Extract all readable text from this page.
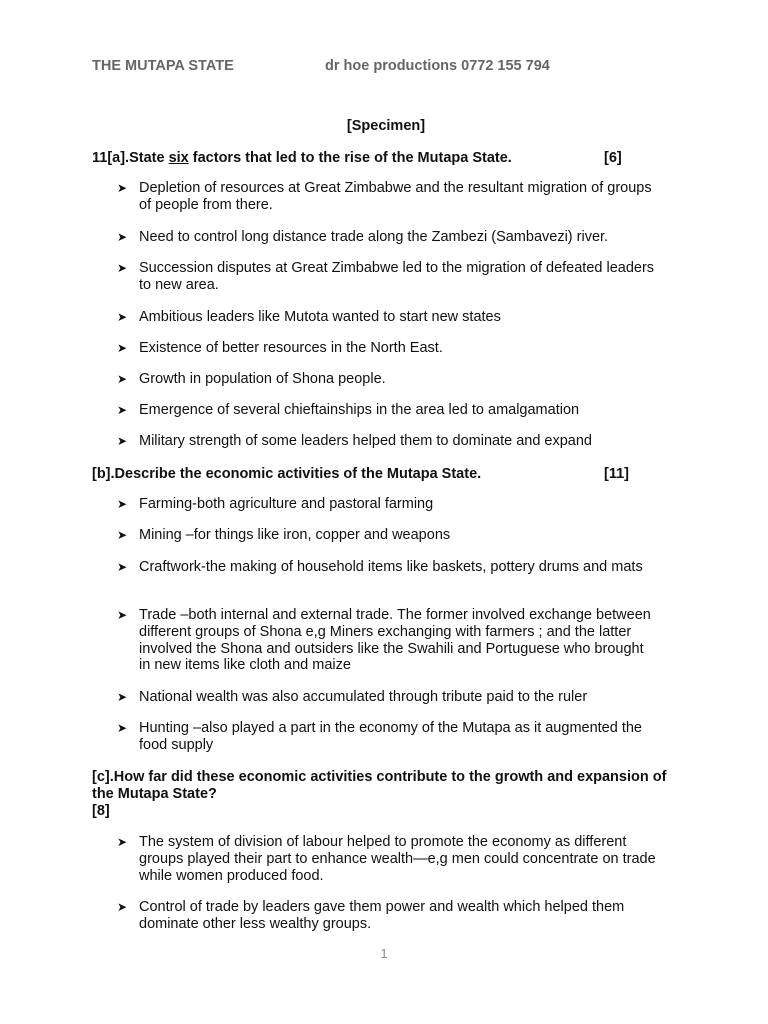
THE MUTAPA STATE	dr hoe productions 0772 155 794
[Specimen]
11[a].State six factors that led to the rise of the Mutapa State.	[6]
➤ Depletion of resources at Great Zimbabwe and the resultant migration of groups of people from there.
➤ Need to control long distance trade along the Zambezi (Sambavezi) river.
➤ Succession disputes at Great Zimbabwe led to the migration of defeated leaders to new area.
➤ Ambitious leaders like Mutota wanted to start new states
➤ Existence of better resources in the North East.
➤ Growth in population of Shona people.
➤ Emergence of several chieftainships in the area led to amalgamation
➤ Military strength of some leaders helped them to dominate and expand
[b].Describe the economic activities of the Mutapa State.	[11]
➤ Farming-both agriculture and pastoral farming
➤ Mining –for things like iron, copper and weapons
➤ Craftwork-the making of household items like baskets, pottery drums and mats
➤ Trade –both internal and external trade. The former involved exchange between different groups of Shona e,g Miners exchanging with farmers ; and the latter involved the Shona and outsiders like the Swahili and Portuguese who brought in new items like cloth and maize
➤ National wealth was also accumulated through tribute paid to the ruler
➤ Hunting –also played a part in the economy of the Mutapa as it augmented the food supply
[c].How far did these economic activities contribute to the growth and expansion of the Mutapa State?
[8]
➤ The system of division of labour helped to promote the economy as different groups played their part to enhance wealth—e,g men could concentrate on trade while women produced food.
➤ Control of trade by leaders gave them power and wealth which helped them dominate other less wealthy groups.
1
